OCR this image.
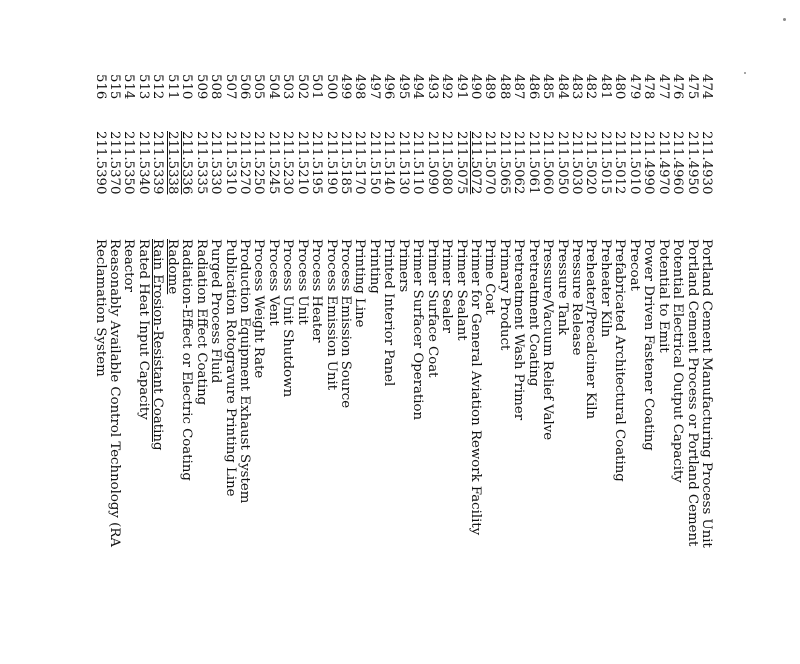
474
211.4930
Portland Cement Manufacturing Process Unit
475
211.4950
Portland Cement Process or Portland Cement
476
211.4960
Potential Electrical Output Capacity
477
211.4970
Potential to Emit
478
211.4990
Power Driven Fastener Coating
479
211.5010
Precoat
480
211.5012
Prefabricated Architectural Coating
481
211.5015
Preheater Kiln
482
211.5020
Preheater/Precalciner Kiln
483
211.5030
Pressure Release
484
211.5050
Pressure Tank
485
211.5060
Pressure/Vacuum Relief Valve
486
211.5061
Pretreatment Coating
487
211.5062
Pretreatment Wash Primer
488
211.5065
Primary Product
489
211.5070
Prime Coat
490
211.5072
Primer for General Aviation Rework Facility
491
211.5075
Primer Sealant
492
211.5080
Primer Sealer
493
211.5090
Primer Surface Coat
494
211.5110
Primer Surfacer Operation
495
211.5130
Primers
496
211.5140
Printed Interior Panel
497
211.5150
Printing
498
211.5170
Printing Line
499
211.5185
Process Emission Source
500
211.5190
Process Emission Unit
501
211.5195
Process Heater
502
211.5210
Process Unit
503
211.5230
Process Unit Shutdown
504
211.5245
Process Vent
505
211.5250
Process Weight Rate
506
211.5270
Production Equipment Exhaust System
507
211.5310
Publication Rotogravure Printing Line
508
211.5330
Purged Process Fluid
509
211.5335
Radiation Effect Coating
510
211.5336
Radiation-Effect or Electric Coating
511
211.5338
Radome
512
211.5339
Rain Erosion-Resistant Coating
513
211.5340
Rated Heat Input Capacity
514
211.5350
Reactor
515
211.5370
Reasonably Available Control Technology (RA
516
211.5390
Reclamation System
